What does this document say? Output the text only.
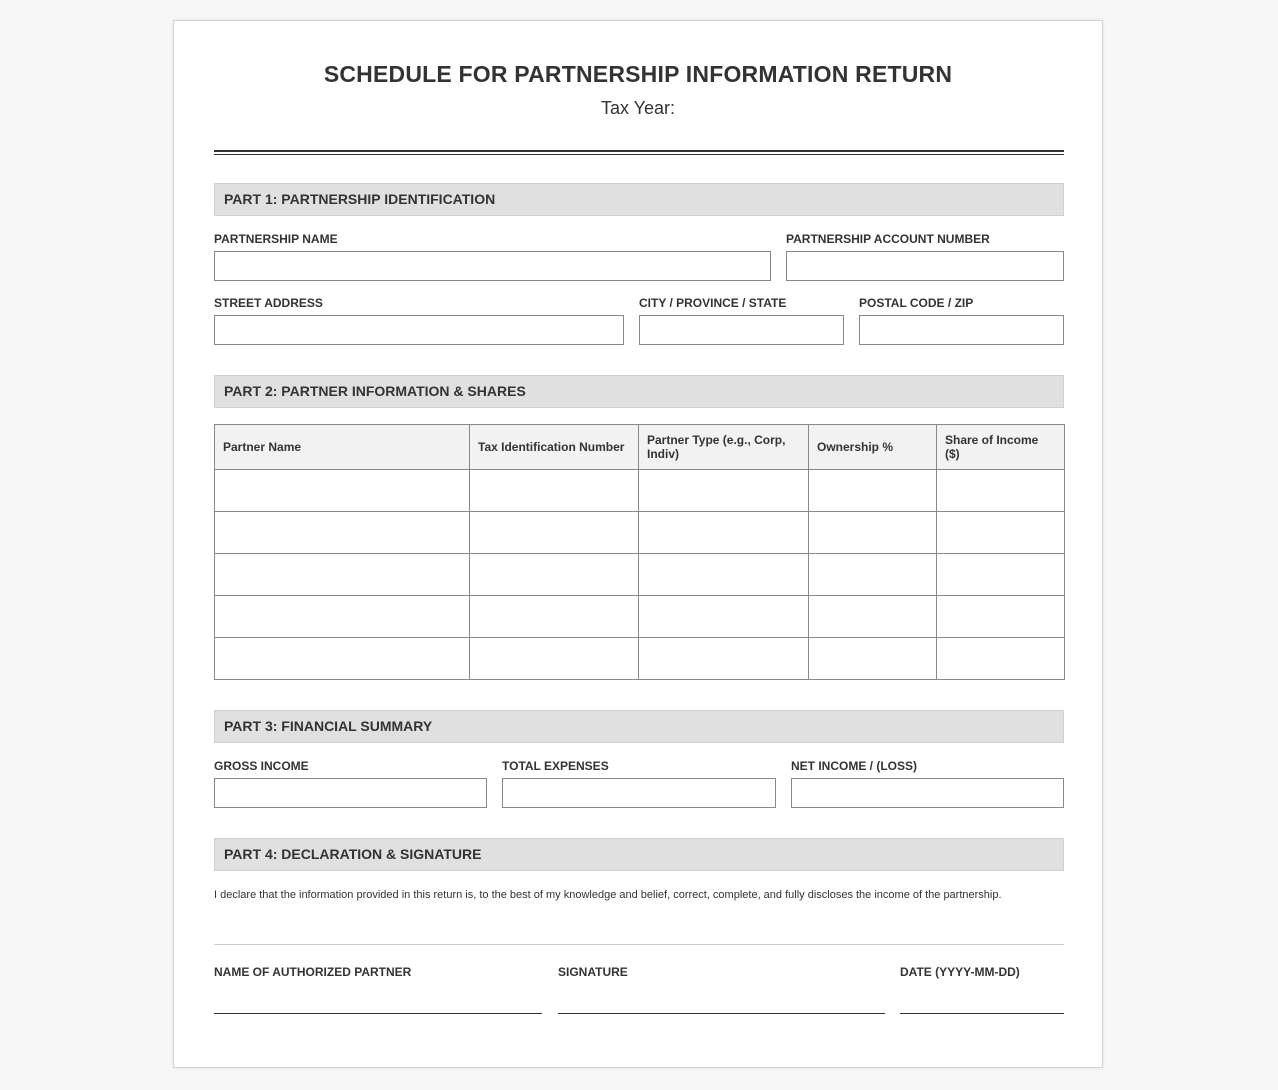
SCHEDULE FOR PARTNERSHIP INFORMATION RETURN
Tax Year:
PART 1: PARTNERSHIP IDENTIFICATION
PARTNERSHIP NAME	PARTNERSHIP ACCOUNT NUMBER
STREET ADDRESS	CITY / PROVINCE / STATE	POSTAL CODE / ZIP
PART 2: PARTNER INFORMATION & SHARES
Partner Name	Tax Identification Number	Partner Type (e.g., Corp, Indiv)	Ownership %	Share of Income ($)

PART 3: FINANCIAL SUMMARY
GROSS INCOME	TOTAL EXPENSES	NET INCOME / (LOSS)
PART 4: DECLARATION & SIGNATURE
I declare that the information provided in this return is, to the best of my knowledge and belief, correct, complete, and fully discloses the income of the partnership.
NAME OF AUTHORIZED PARTNER	SIGNATURE	DATE (YYYY-MM-DD)
